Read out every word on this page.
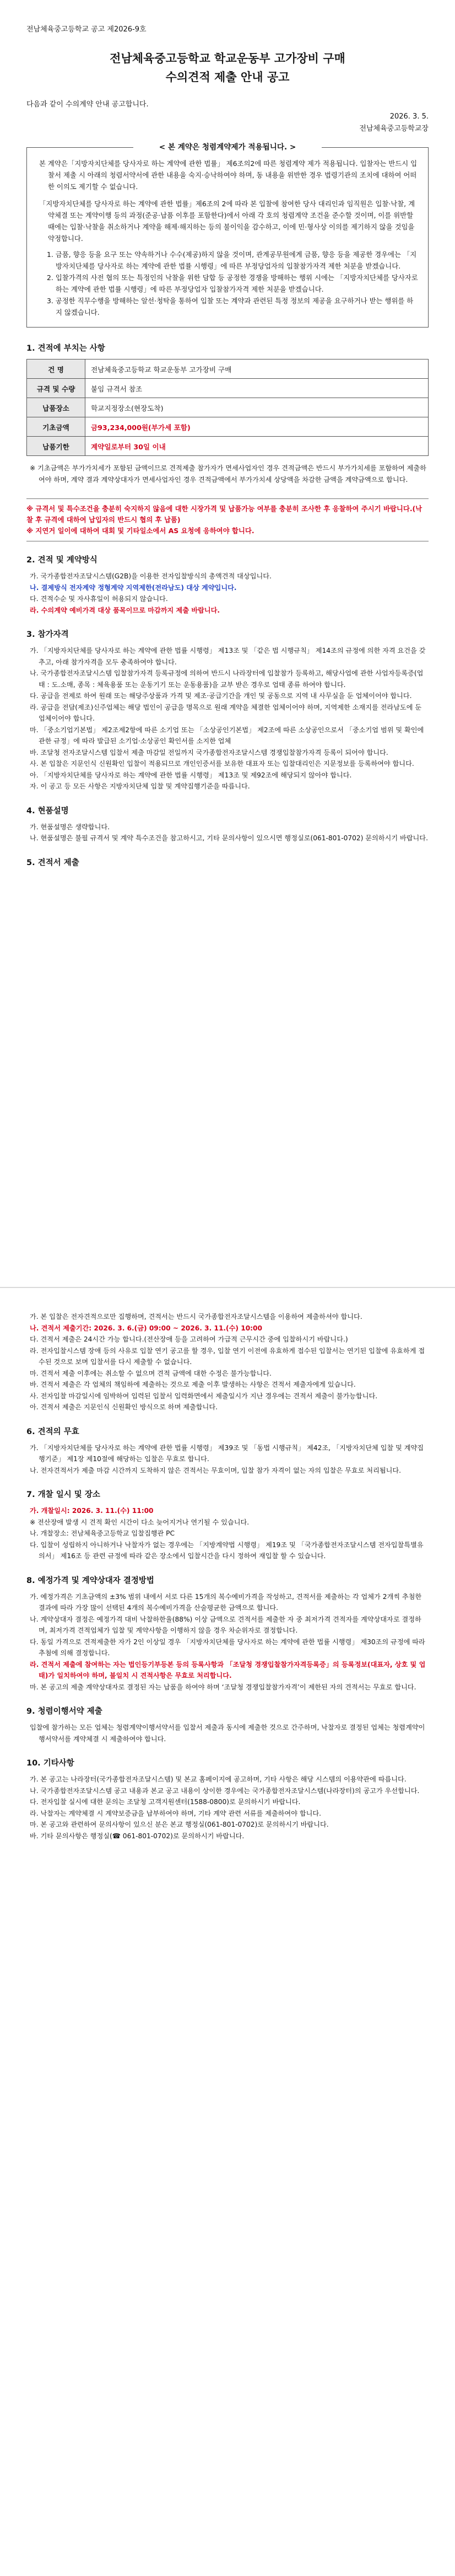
전남체육중고등학교 공고 제2026-9호
전남체육중고등학교 학교운동부 고가장비 구매
수의견적 제출 안내 공고
다음과 같이 수의계약 안내 공고합니다.
2026. 3. 5.
전남체육중고등학교장
< 본 계약은 청렴계약제가 적용됩니다. >
본 계약은「지방자치단체를 당사자로 하는 계약에 관한 법률」 제6조의2에 따른 청렴계약 제가 적용됩니다. 입찰자는 반드시 입찰서 제출 시 아래의 청렴서약서에 관한 내용을 숙지·승낙하여야 하며, 동 내용을 위반한 경우 법령기관의 조치에 대하여 어떠한 이의도 제기할 수 없습니다.
「지방자치단체를 당사자로 하는 계약에 관한 법률」제6조의 2에 따라 본 입찰에 참여한 당사 대리인과 임직원은 입찰·낙찰, 계약체결 또는 계약이행 등의 과정(준공·납품 이후를 포함한다)에서 아래 각 호의 청렴계약 조건을 준수할 것이며, 이를 위반할 때에는 입찰·낙찰을 취소하거나 계약을 해제·해지하는 등의 불이익을 감수하고, 이에 민·형사상 이의를 제기하지 않을 것임을 약정합니다.
1. 금품, 향응 등을 요구 또는 약속하거나 수수(제공)하지 않을 것이며, 관계공무원에게 금품, 향응 등을 제공한 경우에는 「지방자치단체를 당사자로 하는 계약에 관한 법률 시행령」에 따른 부정당업자의 입찰참가자격 제한 처분을 받겠습니다.
2. 입찰가격의 사전 협의 또는 특정인의 낙찰을 위한 담합 등 공정한 경쟁을 방해하는 행위 시에는 「지방자치단체를 당사자로 하는 계약에 관한 법률 시행령」에 따른 부정당업자 입찰참가자격 제한 처분을 받겠습니다.
3. 공정한 직무수행을 방해하는 알선·청탁을 통하여 입찰 또는 계약과 관련된 특정 정보의 제공을 요구하거나 받는 행위를 하지 않겠습니다.
1. 견적에 부치는 사항
건 명	전남체육중고등학교 학교운동부 고가장비 구매
규격 및 수량	붙임 규격서 참조
납품장소	학교지정장소(현장도착)
기초금액	금93,234,000원(부가세 포함)
납품기한	계약일로부터 30일 이내
※ 기초금액은 부가가치세가 포함된 금액이므로 견적제출 참가자가 면세사업자인 경우 견적금액은 반드시 부가가치세를 포함하여 제출하여야 하며, 계약 결과 계약상대자가 면세사업자인 경우 견적금액에서 부가가치세 상당액을 차감한 금액을 계약금액으로 합니다.
※ 규격서 및 특수조건을 충분히 숙지하지 않음에 대한 시장가격 및 납품가능 여부를 충분히 조사한 후 응찰하여 주시기 바랍니다.(낙찰 후 규격에 대하여 납입자의 반드시 협의 후 납품)
※ 지연거 일이에 대하여 대회 및 기타일소에서 AS 요청에 응하여야 합니다.
2. 견적 및 계약방식
가. 국가종합전자조달시스템(G2B)을 이용한 전자입찰방식의 총액견적 대상입니다.
나. 결제방식 전자계약 정형계약 지역제한(전라남도) 대상 계약입니다.
다. 견적수순 및 자사휴일이 허용되지 않습니다.
라. 수의계약 예비가격 대상 품목이므로 마감까지 제출 바랍니다.
3. 참가자격
가. 「지방자치단체를 당사자로 하는 계약에 관한 법률 시행령」 제13조 및 「같은 법 시행규칙」 제14조의 규정에 의한 자격 요건을 갖추고, 아래 참가자격을 모두 충족하여야 합니다.
나. 국가종합전자조달시스템 입찰참가자격 등록규정에 의하여 반드시 나라장터에 입찰참가 등록하고, 해당사업에 관한 사업자등록증(업태 : 도.소매, 종목 : 체육용품 또는 운동기기 또는 운동용품)을 교부 받은 경우로 업태 종류 하여야 합니다.
다. 공급을 전제로 하여 원래 또는 해당주상품과 가격 및 제조·공급기간을 개인 및 공동으로 지역 내 사무실을 둔 업체이어야 합니다.
라. 공급을 전담(제조)신주업체는 해당 법인이 공급을 명목으로 원래 계약을 체결한 업체이어야 하며, 지역제한 소재지를 전라남도에 둔 업체이어야 합니다.
마. 「중소기업기본법」 제2조제2항에 따른 소기업 또는 「소상공인기본법」 제2조에 따른 소상공인으로서 「중소기업 범위 및 확인에 관한 규정」에 따라 발급된 소기업·소상공인 확인서를 소지한 업체
바. 조달청 전자조달시스템 입찰서 제출 마감일 전일까지 국가종합전자조달시스템 경쟁입찰참가자격 등록이 되어야 합니다.
사. 본 입찰은 지문인식 신원확인 입찰이 적용되므로 개인인증서를 보유한 대표자 또는 입찰대리인은 지문정보를 등록하여야 합니다.
아. 「지방자치단체를 당사자로 하는 계약에 관한 법률 시행령」 제13조 및 제92조에 해당되지 않아야 합니다.
자. 이 공고 등 모든 사항은 지방자치단체 입찰 및 계약집행기준을 따릅니다.
4. 현품설명
가. 현품설명은 생략합니다.
나. 현품설명은 불필 규격서 및 계약 특수조건을 참고하시고, 기타 문의사항이 있으시면 행정실로(061-801-0702) 문의하시기 바랍니다.
5. 견적서 제출
가. 본 입찰은 전자견적으로만 집행하며, 견적서는 반드시 국가종합전자조달시스템을 이용하여 제출하셔야 합니다.
나. 견적서 제출기간: 2026. 3. 6.(금) 09:00 ~ 2026. 3. 11.(수) 10:00
다. 견적서 제출은 24시간 가능 합니다.(전산장애 등을 고려하여 가급적 근무시간 중에 입찰하시기 바랍니다.)
라. 전자입찰시스템 장애 등의 사유로 입찰 연기 공고를 할 경우, 입찰 연기 이전에 유효하게 접수된 입찰서는 연기된 입찰에 유효하게 접수된 것으로 보며 입찰서를 다시 제출할 수 없습니다.
마. 견적서 제출 이후에는 취소할 수 없으며 견적 금액에 대한 수정은 불가능합니다.
바. 견적서 제출은 각 업체의 책임하에 제출하는 것으로 제출 이후 발생하는 사항은 견적서 제출자에게 있습니다.
사. 전자입찰 마감일시에 임박하여 입력된 입찰서 입력화면에서 제출일시가 지난 경우에는 견적서 제출이 불가능합니다.
아. 견적서 제출은 지문인식 신원확인 방식으로 하며 제출합니다.
6. 견적의 무효
가. 「지방자치단체를 당사자로 하는 계약에 관한 법률 시행령」 제39조 및 「동법 시행규칙」 제42조, 「지방자치단체 입찰 및 계약집행기준」 제1장 제10절에 해당하는 입찰은 무효로 합니다.
나. 전자견적서가 제출 마감 시간까지 도착하지 않은 견적서는 무효이며, 입찰 참가 자격이 없는 자의 입찰은 무효로 처리됩니다.
7. 개찰 일시 및 장소
가. 개찰일시: 2026. 3. 11.(수) 11:00
※ 전산장애 발생 시 견적 확인 시간이 다소 늦어지거나 연기될 수 있습니다.
나. 개찰장소: 전남체육중고등학교 입찰집행관 PC
다. 입찰이 성립하지 아니하거나 낙찰자가 없는 경우에는 「지방계약법 시행령」 제19조 및 「국가종합전자조달시스템 전자입찰특별유의서」 제16조 등 관련 규정에 따라 같은 장소에서 입찰시간을 다시 정하여 재입찰 할 수 있습니다.
8. 예정가격 및 계약상대자 결정방법
가. 예정가격은 기초금액의 ±3% 범위 내에서 서로 다른 15개의 복수예비가격을 작성하고, 견적서를 제출하는 각 업체가 2개씩 추첨한 결과에 따라 가장 많이 선택된 4개의 복수예비가격을 산술평균한 금액으로 합니다.
나. 계약상대자 결정은 예정가격 대비 낙찰하한율(88%) 이상 금액으로 견적서를 제출한 자 중 최저가격 견적자를 계약상대자로 결정하며, 최저가격 견적업체가 입찰 및 계약사항을 이행하지 않을 경우 차순위자로 결정합니다.
다. 동일 가격으로 견적제출한 자가 2인 이상일 경우 「지방자치단체를 당사자로 하는 계약에 관한 법률 시행령」 제30조의 규정에 따라 추첨에 의해 결정합니다.
라. 견적서 제출에 참여하는 자는 법인등기부등본 등의 등록사항과 「조달청 경쟁입찰참가자격등록증」의 등록정보(대표자, 상호 및 업태)가 일치하여야 하며, 불일치 시 견적사항은 무효로 처리합니다.
마. 본 공고의 제출 계약상대자로 결정된 자는 납품을 하여야 하며 ‘조달청 경쟁입찰참가자격’이 제한된 자의 견적서는 무효로 합니다.
9. 청렴이행서약 제출
입찰에 참가하는 모든 업체는 청렴계약이행서약서를 입찰서 제출과 동시에 제출한 것으로 간주하며, 낙찰자로 결정된 업체는 청렴계약이행서약서를 계약체결 시 제출하여야 합니다.
10. 기타사항
가. 본 공고는 나라장터(국가종합전자조달시스템) 및 본교 홈페이지에 공고하며, 기타 사항은 해당 시스템의 이용약관에 따릅니다.
나. 국가종합전자조달시스템 공고 내용과 본교 공고 내용이 상이한 경우에는 국가종합전자조달시스템(나라장터)의 공고가 우선합니다.
다. 전자입찰 실시에 대한 문의는 조달청 고객지원센터(1588-0800)로 문의하시기 바랍니다.
라. 낙찰자는 계약체결 시 계약보증금을 납부하여야 하며, 기타 계약 관련 서류를 제출하여야 합니다.
마. 본 공고와 관련하여 문의사항이 있으신 분은 본교 행정실(061-801-0702)로 문의하시기 바랍니다.
바. 기타 문의사항은 행정실(☎ 061-801-0702)로 문의하시기 바랍니다.
